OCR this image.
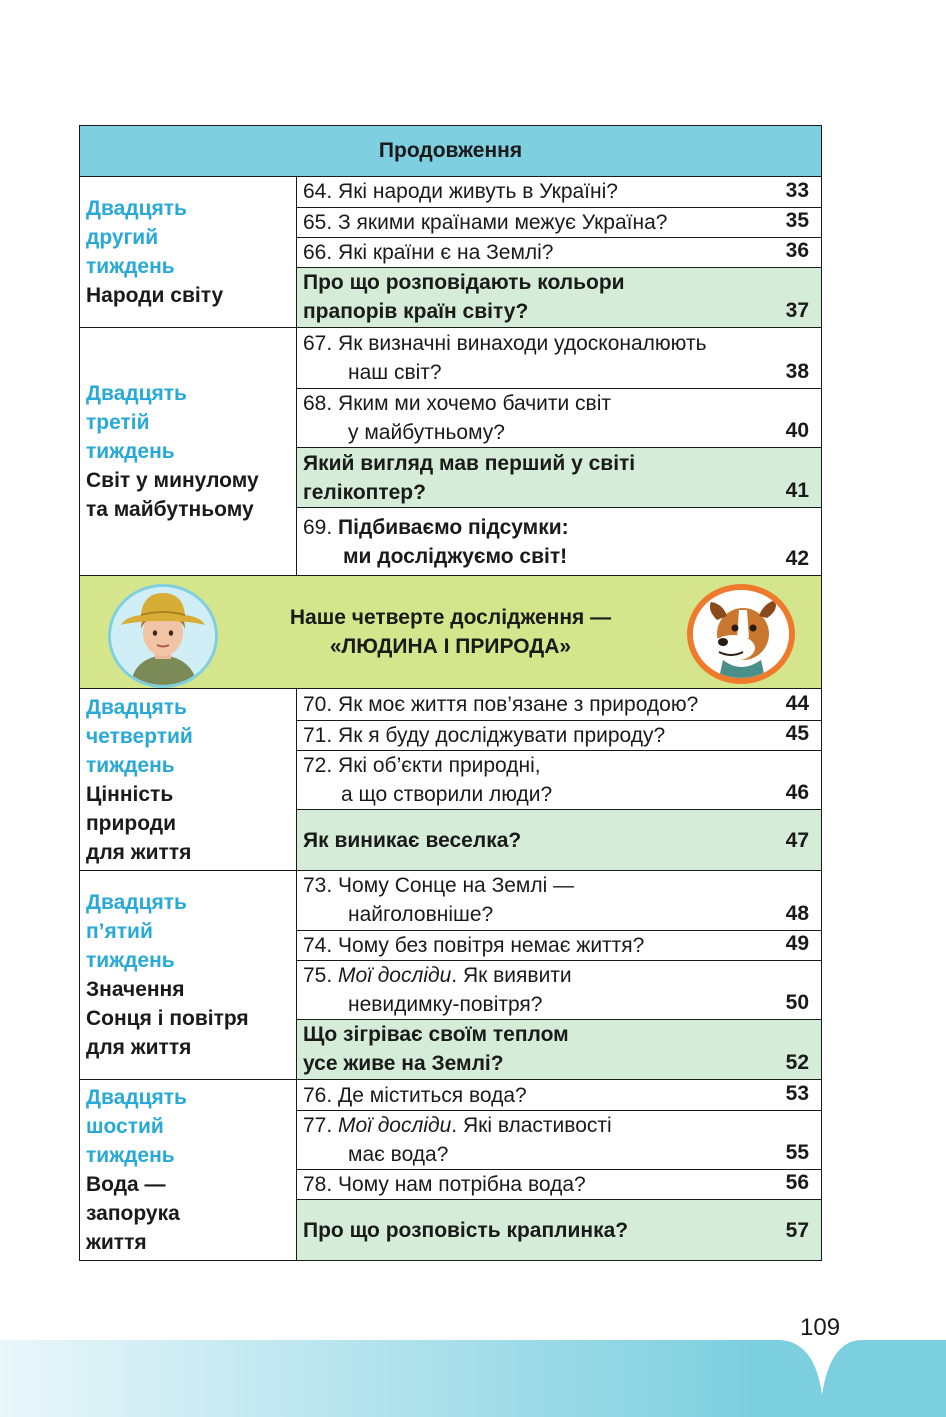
Продовження
Двадцять
другий
тиждень
Народи світу
64. Які народи живуть в Україні?	33
65. З якими країнами межує Україна?	35
66. Які країни є на Землі?	36
Про що розповідають кольори
прапорів країн світу?	37
Двадцять
третій
тиждень
Світ у минулому
та майбутньому
67. Як визначні винаходи удосконалюють
наш світ?	38
68. Яким ми хочемо бачити світ
у майбутньому?	40
Який вигляд мав перший у світі
гелікоптер?	41
69. Підбиваємо підсумки:
ми досліджуємо світ!	42
Наше четверте дослідження —
«ЛЮДИНА І ПРИРОДА»
Двадцять
четвертий
тиждень
Цінність
природи
для життя
70. Як моє життя пов’язане з природою?	44
71. Як я буду досліджувати природу?	45
72. Які об’єкти природні,
а що створили люди?	46
Як виникає веселка?	47
Двадцять
п’ятий
тиждень
Значення
Сонця і повітря
для життя
73. Чому Сонце на Землі —
найголовніше?	48
74. Чому без повітря немає життя?	49
75. Мої досліди. Як виявити
невидимку-повітря?	50
Що зігріває своїм теплом
усе живе на Землі?	52
Двадцять
шостий
тиждень
Вода —
запорука
життя
76. Де міститься вода?	53
77. Мої досліди. Які властивості
має вода?	55
78. Чому нам потрібна вода?	56
Про що розповість краплинка?	57
109
